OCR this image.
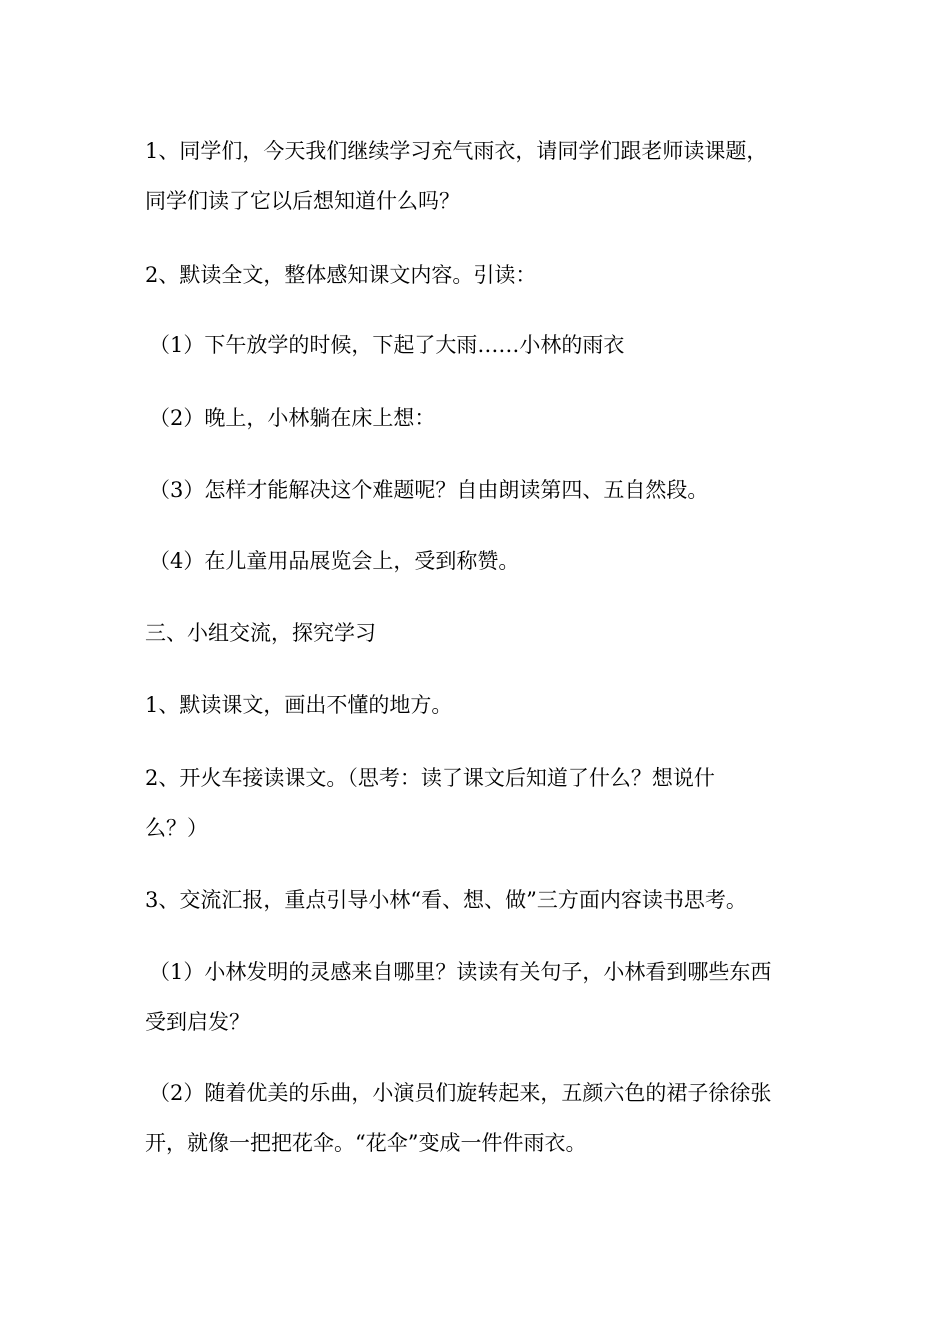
1、同学们，今天我们继续学习充气雨衣，请同学们跟老师读课题，
同学们读了它以后想知道什么吗？

2、默读全文，整体感知课文内容。引读：

（1）下午放学的时候，下起了大雨……小林的雨衣

（2）晚上，小林躺在床上想：

（3）怎样才能解决这个难题呢？自由朗读第四、五自然段。

（4）在儿童用品展览会上，受到称赞。

三、小组交流，探究学习

1、默读课文，画出不懂的地方。

2、开火车接读课文。（思考：读了课文后知道了什么？想说什
么？）

3、交流汇报，重点引导小林“看、想、做”三方面内容读书思考。

（1）小林发明的灵感来自哪里？读读有关句子，小林看到哪些东西
受到启发？

（2）随着优美的乐曲，小演员们旋转起来，五颜六色的裙子徐徐张
开，就像一把把花伞。“花伞”变成一件件雨衣。
